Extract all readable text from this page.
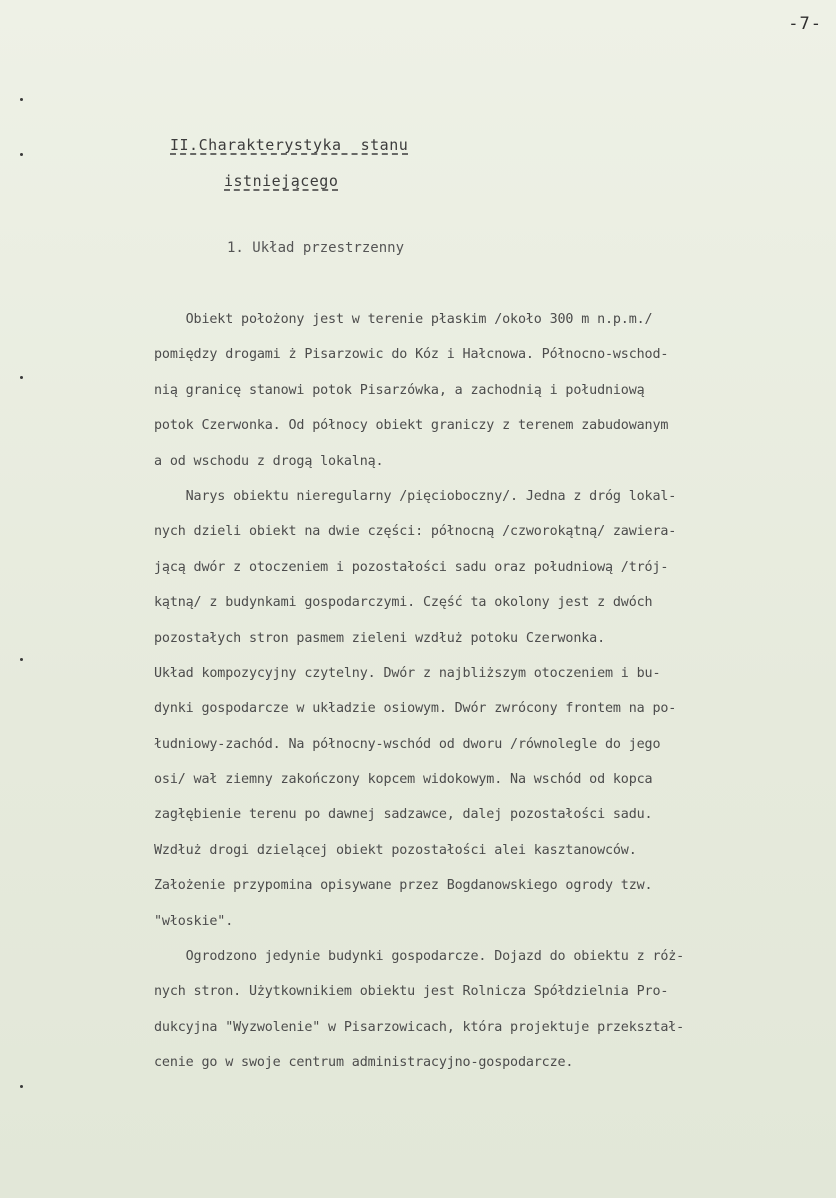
-7-
II.Charakterystyka  stanu
istniejącego
1. Układ przestrzenny
Obiekt położony jest w terenie płaskim /około 300 m n.p.m./
pomiędzy drogami ż Pisarzowic do Kóz i Hałcnowa. Północno-wschod-
nią granicę stanowi potok Pisarzówka, a zachodnią i południową
potok Czerwonka. Od północy obiekt graniczy z terenem zabudowanym
a od wschodu z drogą lokalną.
Narys obiektu nieregularny /pięcioboczny/. Jedna z dróg lokal-
nych dzieli obiekt na dwie części: północną /czworokątną/ zawiera-
jącą dwór z otoczeniem i pozostałości sadu oraz południową /trój-
kątną/ z budynkami gospodarczymi. Część ta okolony jest z dwóch
pozostałych stron pasmem zieleni wzdłuż potoku Czerwonka.
Układ kompozycyjny czytelny. Dwór z najbliższym otoczeniem i bu-
dynki gospodarcze w układzie osiowym. Dwór zwrócony frontem na po-
łudniowy-zachód. Na północny-wschód od dworu /równolegle do jego
osi/ wał ziemny zakończony kopcem widokowym. Na wschód od kopca
zagłębienie terenu po dawnej sadzawce, dalej pozostałości sadu.
Wzdłuż drogi dzielącej obiekt pozostałości alei kasztanowców.
Założenie przypomina opisywane przez Bogdanowskiego ogrody tzw.
"włoskie".
Ogrodzono jedynie budynki gospodarcze. Dojazd do obiektu z róż-
nych stron. Użytkownikiem obiektu jest Rolnicza Spółdzielnia Pro-
dukcyjna "Wyzwolenie" w Pisarzowicach, która projektuje przekształ-
cenie go w swoje centrum administracyjno-gospodarcze.
